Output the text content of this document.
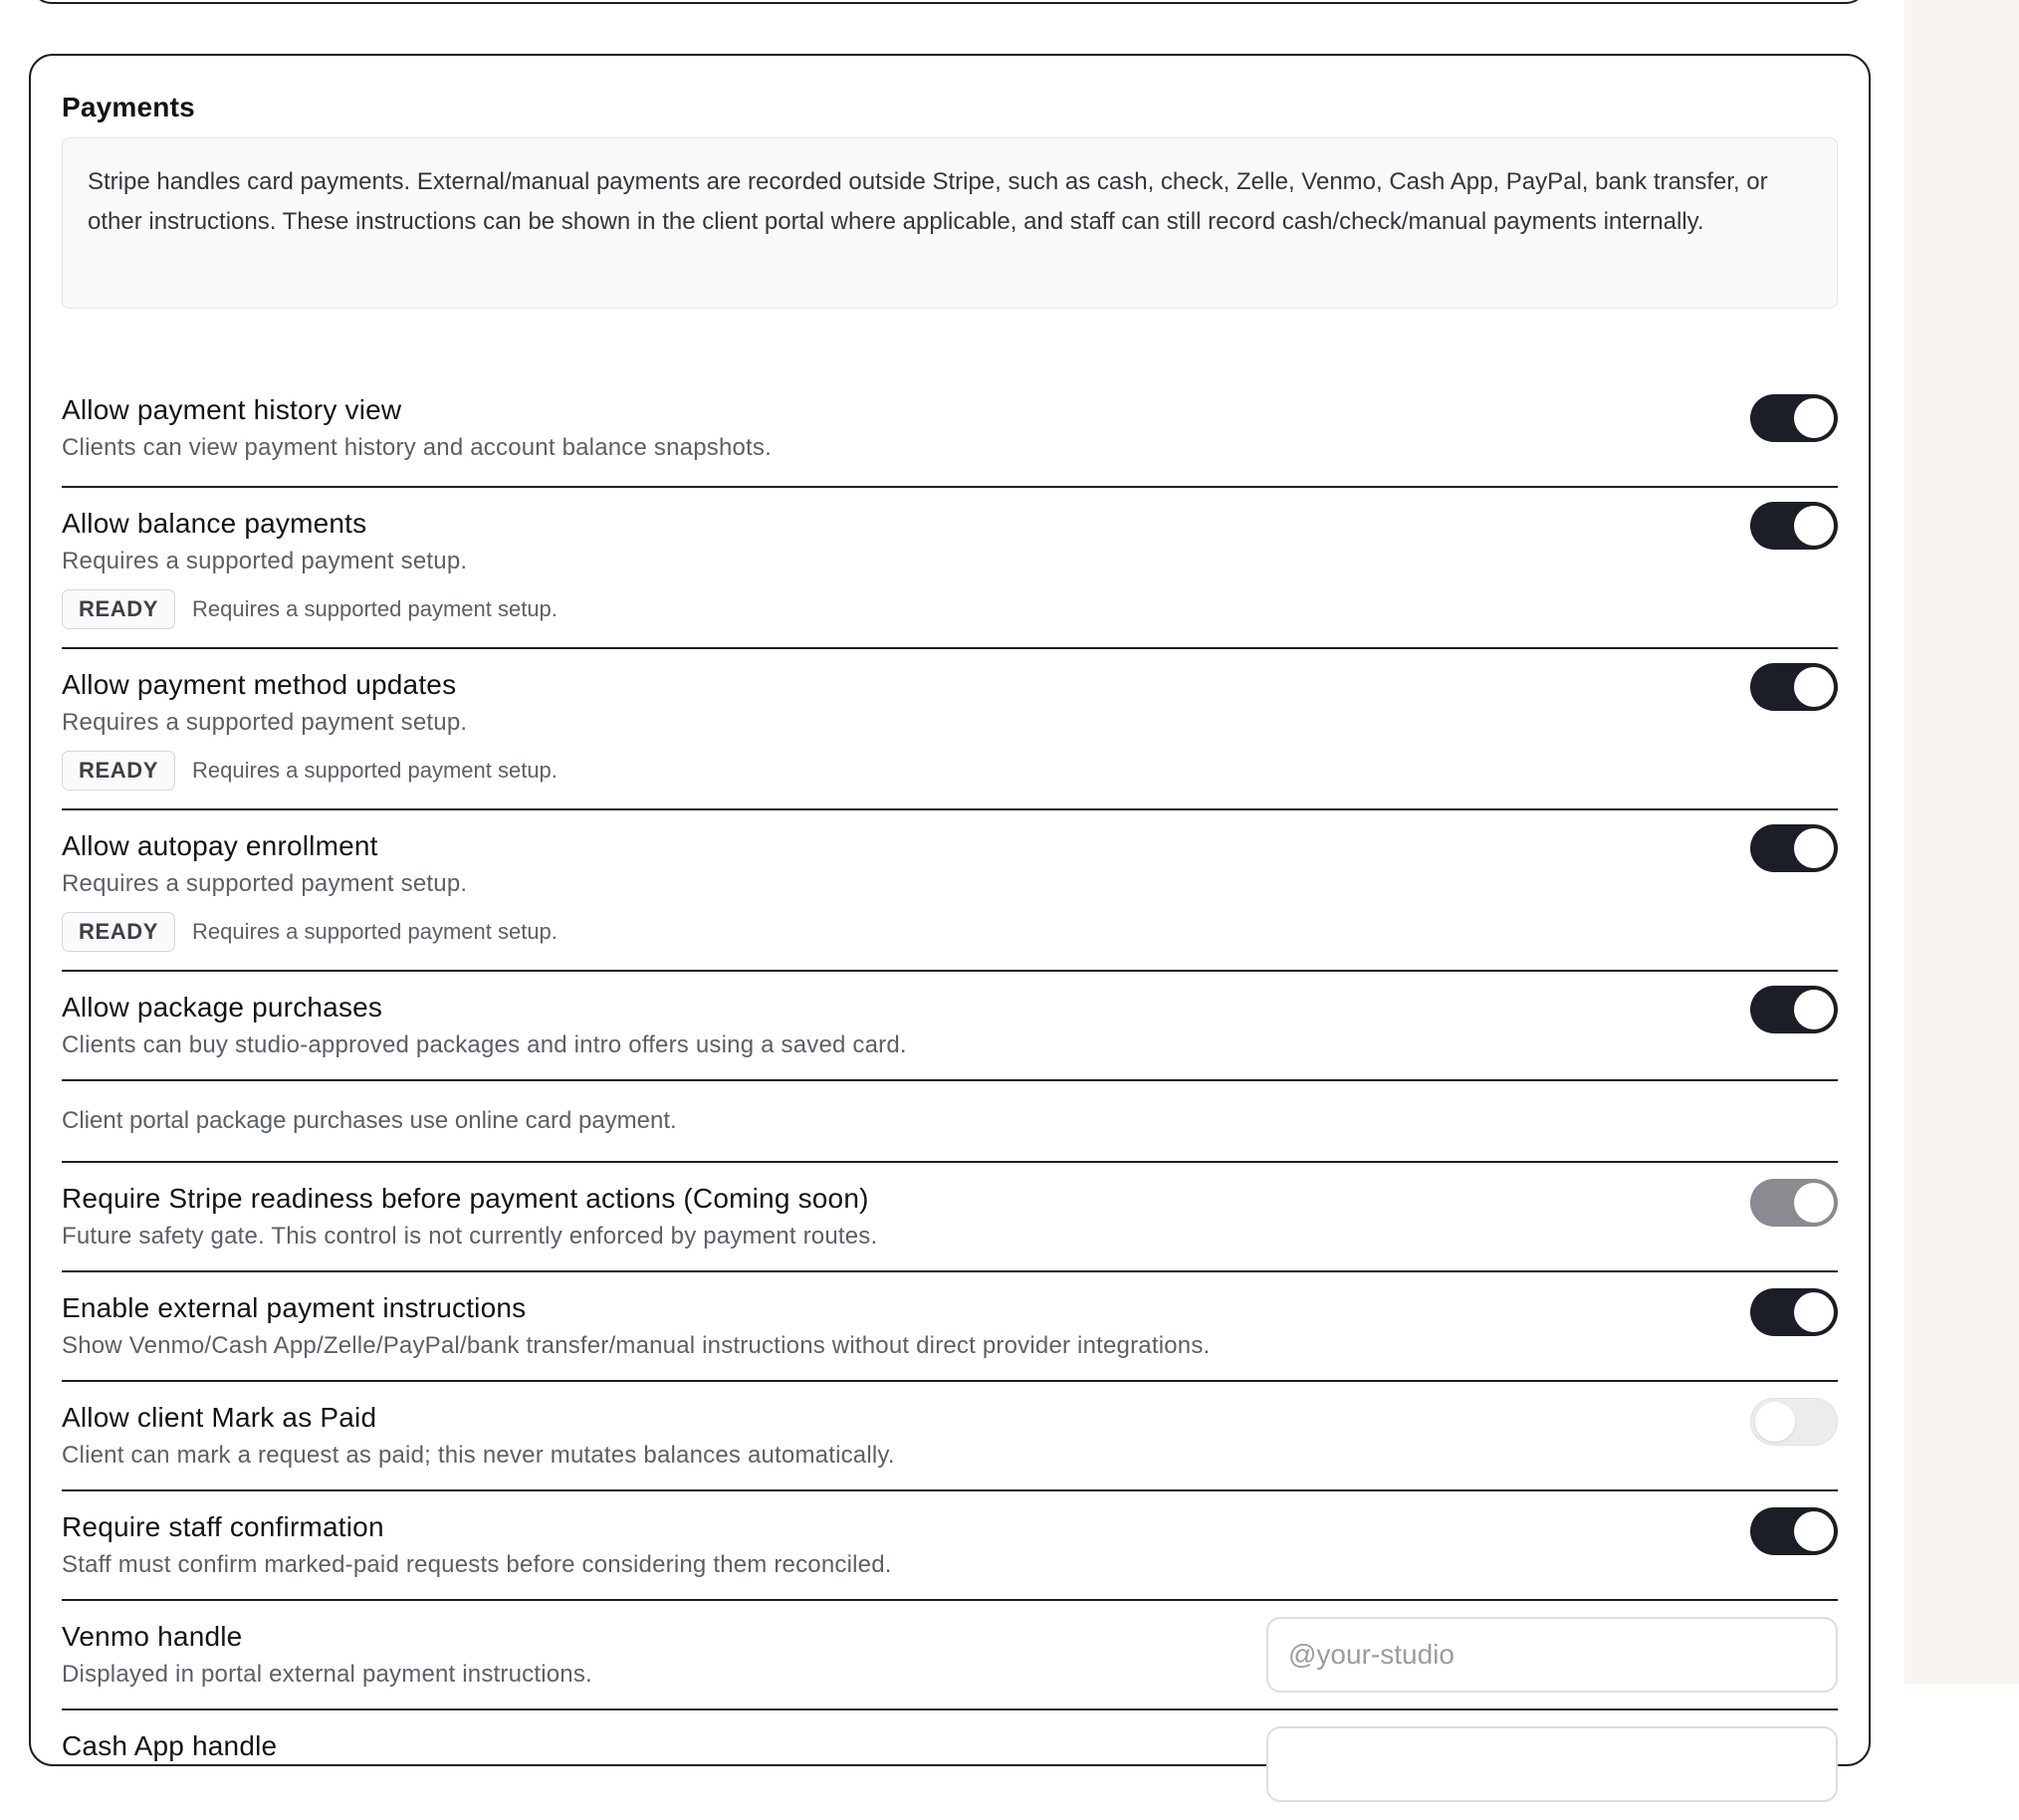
Payments
Stripe handles card payments. External/manual payments are recorded outside Stripe, such as cash, check, Zelle, Venmo, Cash App, PayPal, bank transfer, or other instructions. These instructions can be shown in the client portal where applicable, and staff can still record cash/check/manual payments internally.
Allow payment history view
Clients can view payment history and account balance snapshots.
Allow balance payments
Requires a supported payment setup.
READY	Requires a supported payment setup.
Allow payment method updates
Requires a supported payment setup.
READY	Requires a supported payment setup.
Allow autopay enrollment
Requires a supported payment setup.
READY	Requires a supported payment setup.
Allow package purchases
Clients can buy studio-approved packages and intro offers using a saved card.
Client portal package purchases use online card payment.
Require Stripe readiness before payment actions (Coming soon)
Future safety gate. This control is not currently enforced by payment routes.
Enable external payment instructions
Show Venmo/Cash App/Zelle/PayPal/bank transfer/manual instructions without direct provider integrations.
Allow client Mark as Paid
Client can mark a request as paid; this never mutates balances automatically.
Require staff confirmation
Staff must confirm marked-paid requests before considering them reconciled.
Venmo handle
Displayed in portal external payment instructions.
@your-studio
Cash App handle
